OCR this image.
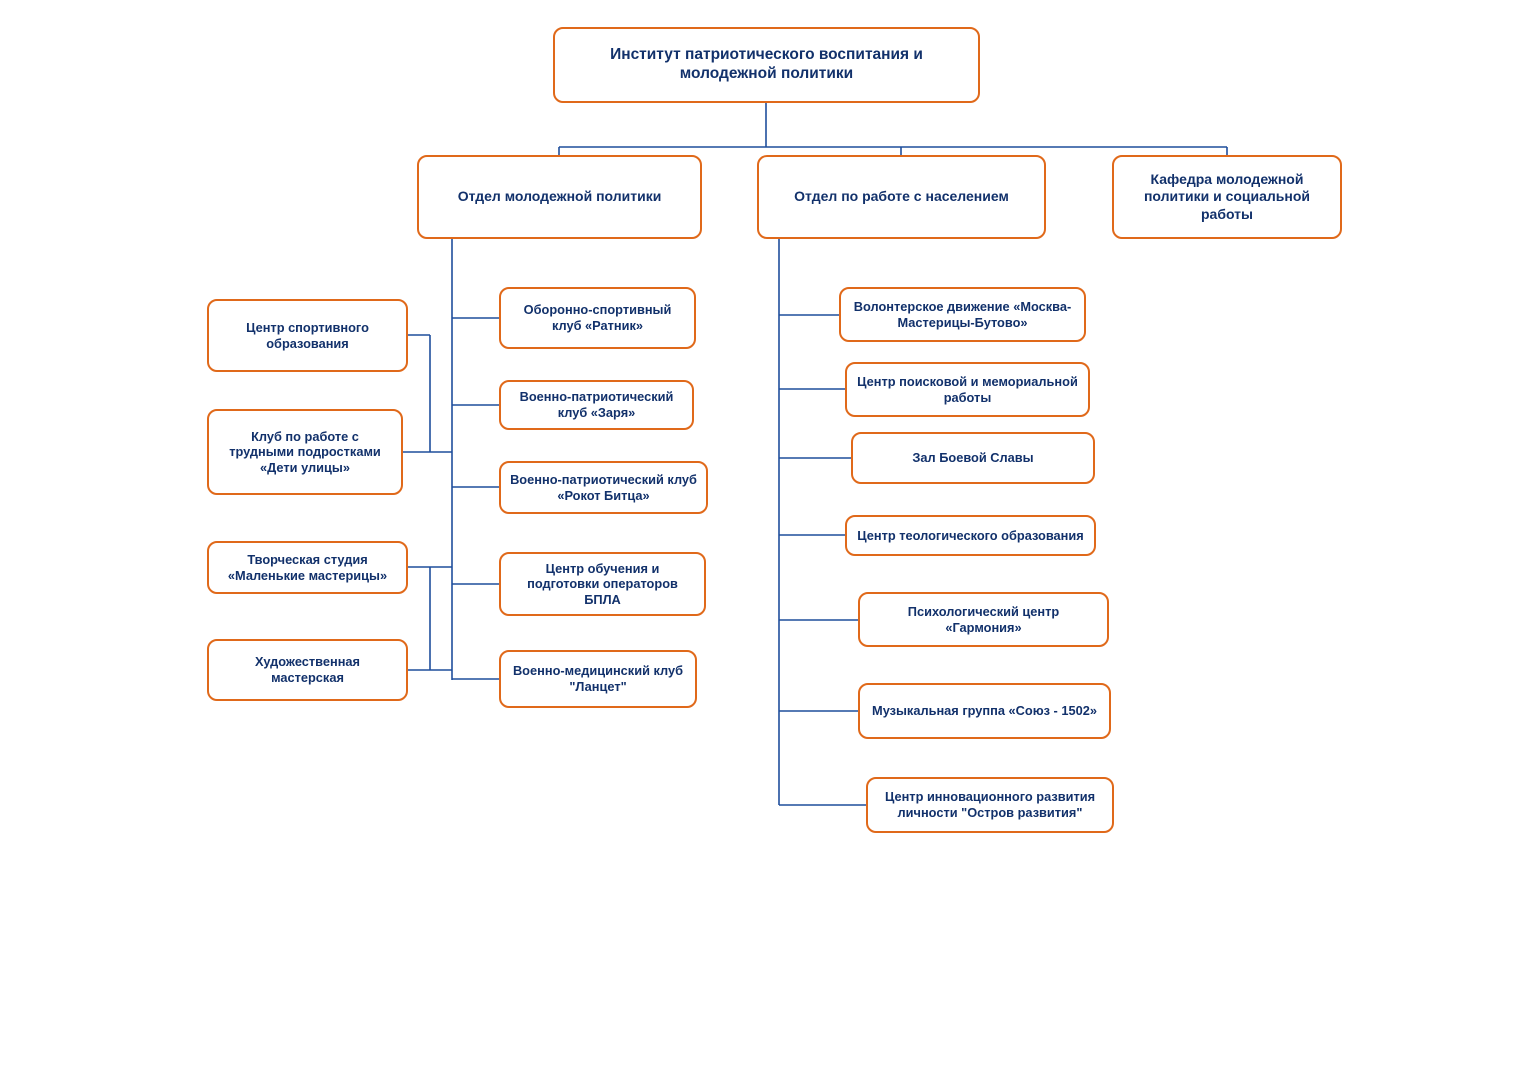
Институт патриотического воспитания и молодежной политики
Отдел молодежной политики	Отдел по работе с населением
Кафедра молодежной политики и социальной работы
Центр спортивного образования
Клуб по работе с трудными подростками «Дети улицы»
Творческая студия «Маленькие мастерицы»
Художественная мастерская
Оборонно-спортивный клуб «Ратник»
Военно-патриотический клуб «Заря»
Военно-патриотический клуб «Рокот Битца»
Центр обучения и подготовки операторов БПЛА
Военно-медицинский клуб "Ланцет"
Волонтерское движение «Москва-Мастерицы-Бутово»
Центр поисковой и мемориальной работы
Зал Боевой Славы
Центр теологического образования
Психологический центр «Гармония»
Музыкальная группа «Союз - 1502»
Центр инновационного развития личности "Остров развития"
